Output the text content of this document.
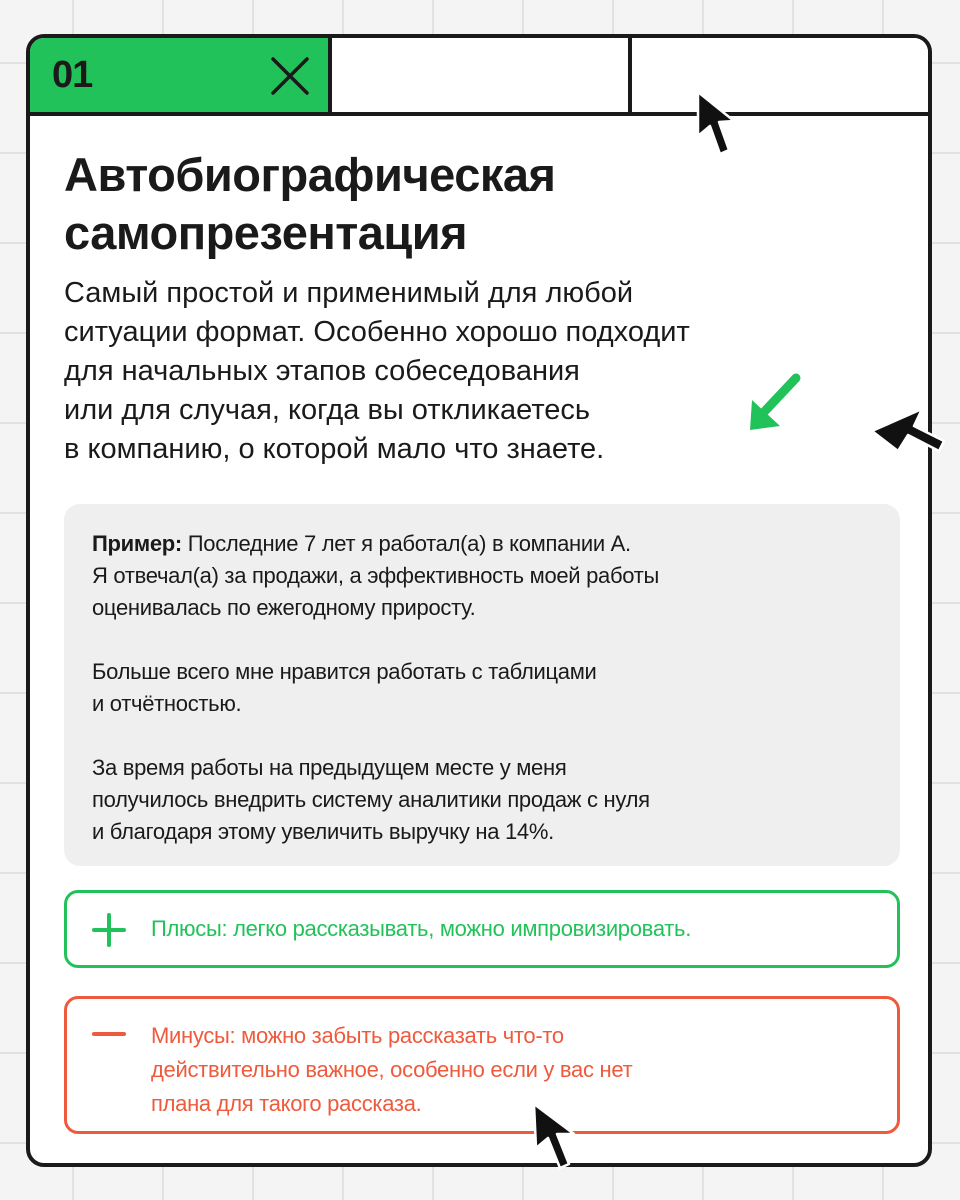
01
Автобиографическая
самопрезентация
Самый простой и применимый для любой
ситуации формат. Особенно хорошо подходит
для начальных этапов собеседования
или для случая, когда вы откликаетесь
в компанию, о которой мало что знаете.

Пример: Последние 7 лет я работал(а) в компании А.
Я отвечал(а) за продажи, а эффективность моей работы
оценивалась по ежегодному приросту.

Больше всего мне нравится работать с таблицами
и отчётностью.

За время работы на предыдущем месте у меня
получилось внедрить систему аналитики продаж с нуля
и благодаря этому увеличить выручку на 14%.

Плюсы: легко рассказывать, можно импровизировать.
Минусы: можно забыть рассказать что-то
действительно важное, особенно если у вас нет
плана для такого рассказа.
